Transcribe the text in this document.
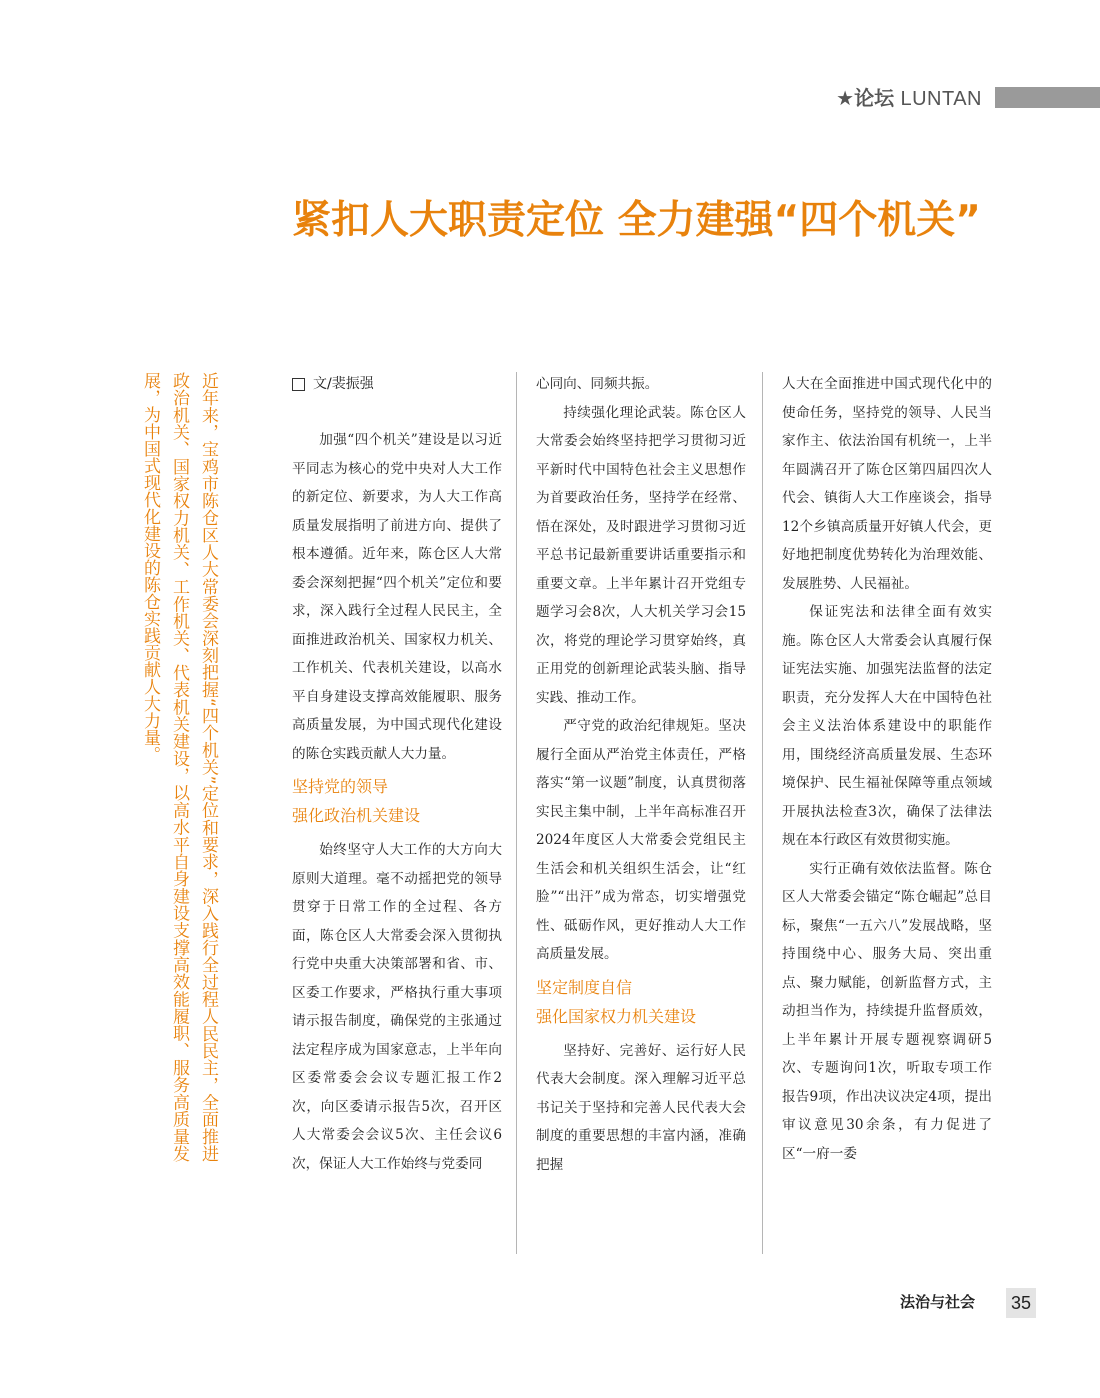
★论坛 LUNTAN
紧扣人大职责定位 全力建强“四个机关”
近年来，宝鸡市陈仓区人大常委会深刻把握“四个机关”定位和要求，深入践行全过程人民民主，全面推进政治机关、国家权力机关、工作机关、代表机关建设，以高水平自身建设支撑高效能履职、服务高质量发展，为中国式现代化建设的陈仓实践贡献人大力量。	文/裴振强

加强“四个机关”建设是以习近平同志为核心的党中央对人大工作的新定位、新要求，为人大工作高质量发展指明了前进方向、提供了根本遵循。近年来，陈仓区人大常委会深刻把握“四个机关”定位和要求，深入践行全过程人民民主，全面推进政治机关、国家权力机关、工作机关、代表机关建设，以高水平自身建设支撑高效能履职、服务高质量发展，为中国式现代化建设的陈仓实践贡献人大力量。

坚持党的领导
强化政治机关建设

始终坚守人大工作的大方向大原则大道理。毫不动摇把党的领导贯穿于日常工作的全过程、各方面，陈仓区人大常委会深入贯彻执行党中央重大决策部署和省、市、区委工作要求，严格执行重大事项请示报告制度，确保党的主张通过法定程序成为国家意志，上半年向区委常委会会议专题汇报工作2次，向区委请示报告5次，召开区人大常委会会议5次、主任会议6次，保证人大工作始终与党委同

心同向、同频共振。

持续强化理论武装。陈仓区人大常委会始终坚持把学习贯彻习近平新时代中国特色社会主义思想作为首要政治任务，坚持学在经常、悟在深处，及时跟进学习贯彻习近平总书记最新重要讲话重要指示和重要文章。上半年累计召开党组专题学习会8次，人大机关学习会15次，将党的理论学习贯穿始终，真正用党的创新理论武装头脑、指导实践、推动工作。

严守党的政治纪律规矩。坚决履行全面从严治党主体责任，严格落实“第一议题”制度，认真贯彻落实民主集中制，上半年高标准召开2024年度区人大常委会党组民主生活会和机关组织生活会，让“红脸”“出汗”成为常态，切实增强党性、砥砺作风，更好推动人大工作高质量发展。

坚定制度自信
强化国家权力机关建设

坚持好、完善好、运行好人民代表大会制度。深入理解习近平总书记关于坚持和完善人民代表大会制度的重要思想的丰富内涵，准确把握

人大在全面推进中国式现代化中的使命任务，坚持党的领导、人民当家作主、依法治国有机统一，上半年圆满召开了陈仓区第四届四次人代会、镇街人大工作座谈会，指导12个乡镇高质量开好镇人代会，更好地把制度优势转化为治理效能、发展胜势、人民福祉。

保证宪法和法律全面有效实施。陈仓区人大常委会认真履行保证宪法实施、加强宪法监督的法定职责，充分发挥人大在中国特色社会主义法治体系建设中的职能作用，围绕经济高质量发展、生态环境保护、民生福祉保障等重点领域开展执法检查3次，确保了法律法规在本行政区有效贯彻实施。

实行正确有效依法监督。陈仓区人大常委会锚定“陈仓崛起”总目标，聚焦“一五六八”发展战略，坚持围绕中心、服务大局、突出重点、聚力赋能，创新监督方式，主动担当作为，持续提升监督质效，上半年累计开展专题视察调研5次、专题询问1次，听取专项工作报告9项，作出决议决定4项，提出审议意见30余条，有力促进了区“一府一委

法治与社会 35
